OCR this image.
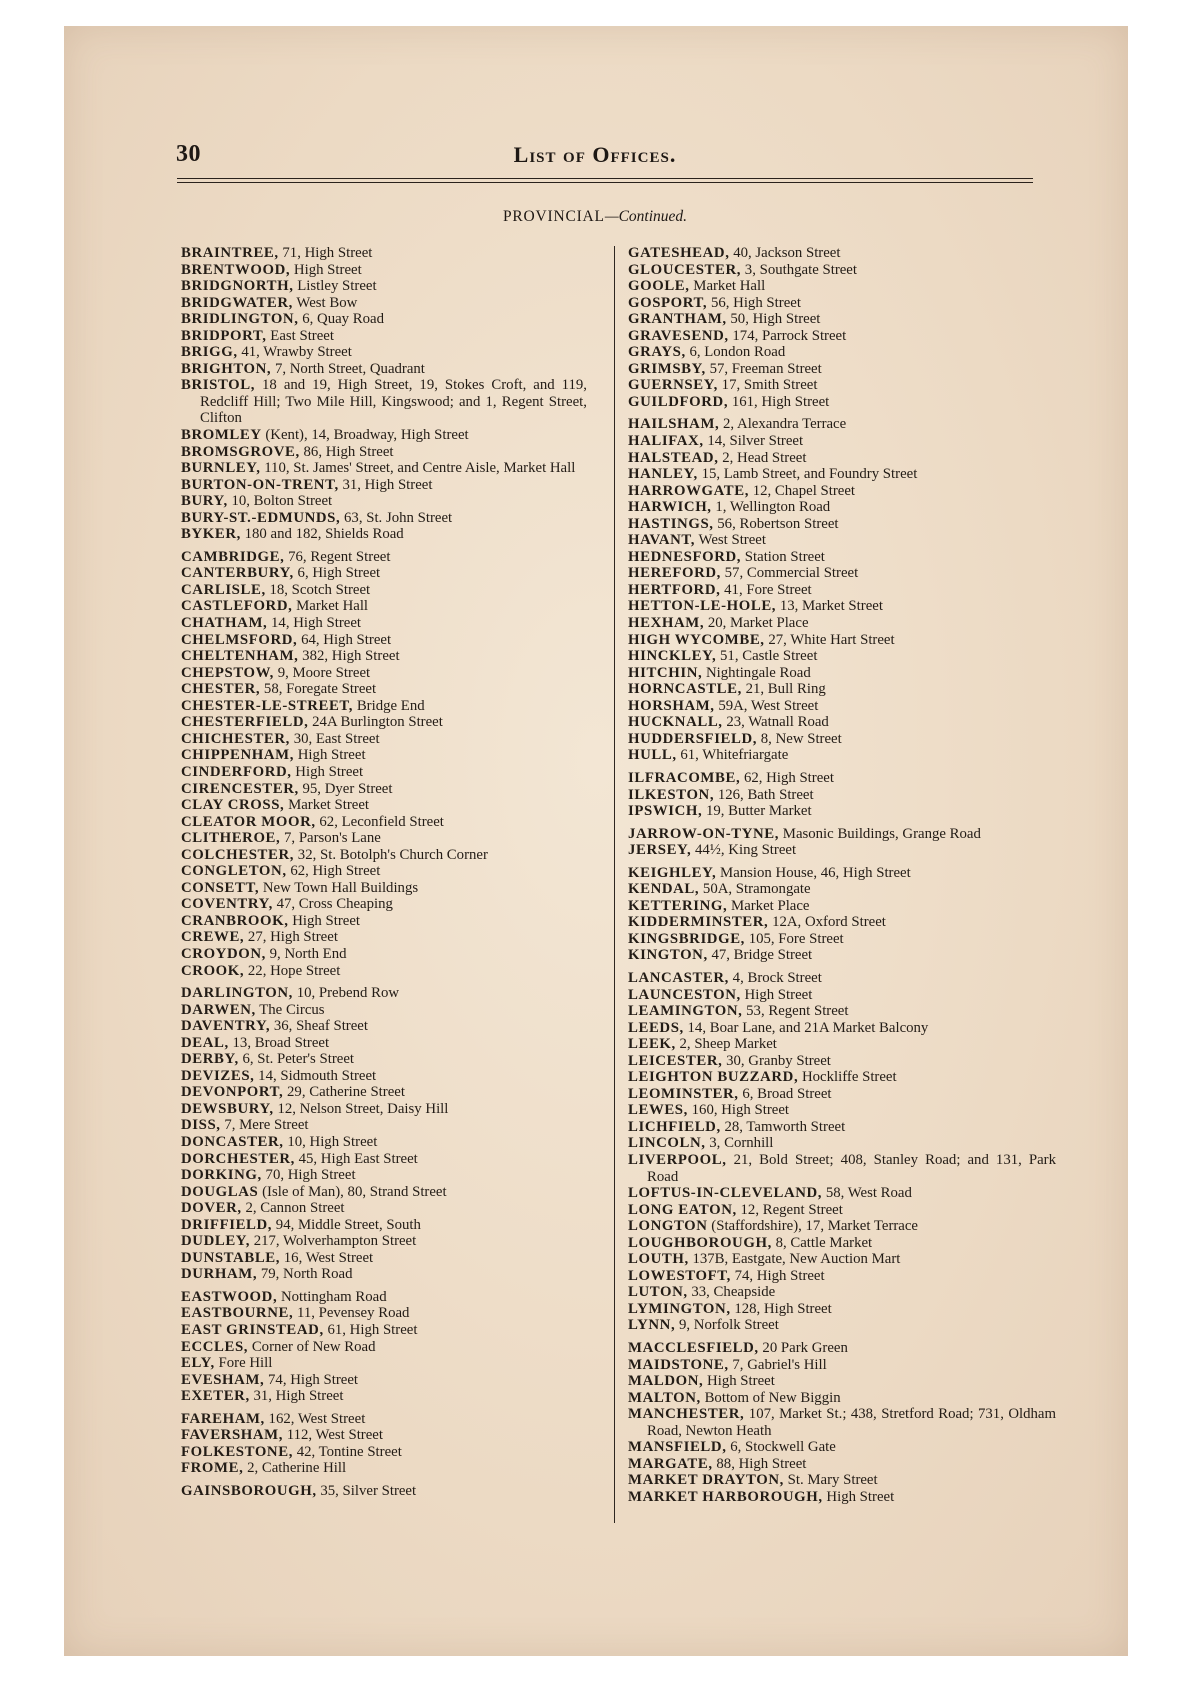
30	List of Offices.
PROVINCIAL—Continued.
BRAINTREE, 71, High Street
BRENTWOOD, High Street
BRIDGNORTH, Listley Street
BRIDGWATER, West Bow
BRIDLINGTON, 6, Quay Road
BRIDPORT, East Street
BRIGG, 41, Wrawby Street
BRIGHTON, 7, North Street, Quadrant
BRISTOL, 18 and 19, High Street, 19, Stokes Croft, and 119, Redcliff Hill; Two Mile Hill, Kingswood; and 1, Regent Street, Clifton
BROMLEY (Kent), 14, Broadway, High Street
BROMSGROVE, 86, High Street
BURNLEY, 110, St. James' Street, and Centre Aisle, Market Hall
BURTON-ON-TRENT, 31, High Street
BURY, 10, Bolton Street
BURY-ST.-EDMUNDS, 63, St. John Street
BYKER, 180 and 182, Shields Road
CAMBRIDGE, 76, Regent Street
CANTERBURY, 6, High Street
CARLISLE, 18, Scotch Street
CASTLEFORD, Market Hall
CHATHAM, 14, High Street
CHELMSFORD, 64, High Street
CHELTENHAM, 382, High Street
CHEPSTOW, 9, Moore Street
CHESTER, 58, Foregate Street
CHESTER-LE-STREET, Bridge End
CHESTERFIELD, 24A Burlington Street
CHICHESTER, 30, East Street
CHIPPENHAM, High Street
CINDERFORD, High Street
CIRENCESTER, 95, Dyer Street
CLAY CROSS, Market Street
CLEATOR MOOR, 62, Leconfield Street
CLITHEROE, 7, Parson's Lane
COLCHESTER, 32, St. Botolph's Church Corner
CONGLETON, 62, High Street
CONSETT, New Town Hall Buildings
COVENTRY, 47, Cross Cheaping
CRANBROOK, High Street
CREWE, 27, High Street
CROYDON, 9, North End
CROOK, 22, Hope Street
DARLINGTON, 10, Prebend Row
DARWEN, The Circus
DAVENTRY, 36, Sheaf Street
DEAL, 13, Broad Street
DERBY, 6, St. Peter's Street
DEVIZES, 14, Sidmouth Street
DEVONPORT, 29, Catherine Street
DEWSBURY, 12, Nelson Street, Daisy Hill
DISS, 7, Mere Street
DONCASTER, 10, High Street
DORCHESTER, 45, High East Street
DORKING, 70, High Street
DOUGLAS (Isle of Man), 80, Strand Street
DOVER, 2, Cannon Street
DRIFFIELD, 94, Middle Street, South
DUDLEY, 217, Wolverhampton Street
DUNSTABLE, 16, West Street
DURHAM, 79, North Road
EASTWOOD, Nottingham Road
EASTBOURNE, 11, Pevensey Road
EAST GRINSTEAD, 61, High Street
ECCLES, Corner of New Road
ELY, Fore Hill
EVESHAM, 74, High Street
EXETER, 31, High Street
FAREHAM, 162, West Street
FAVERSHAM, 112, West Street
FOLKESTONE, 42, Tontine Street
FROME, 2, Catherine Hill
GAINSBOROUGH, 35, Silver Street
GATESHEAD, 40, Jackson Street
GLOUCESTER, 3, Southgate Street
GOOLE, Market Hall
GOSPORT, 56, High Street
GRANTHAM, 50, High Street
GRAVESEND, 174, Parrock Street
GRAYS, 6, London Road
GRIMSBY, 57, Freeman Street
GUERNSEY, 17, Smith Street
GUILDFORD, 161, High Street
HAILSHAM, 2, Alexandra Terrace
HALIFAX, 14, Silver Street
HALSTEAD, 2, Head Street
HANLEY, 15, Lamb Street, and Foundry Street
HARROWGATE, 12, Chapel Street
HARWICH, 1, Wellington Road
HASTINGS, 56, Robertson Street
HAVANT, West Street
HEDNESFORD, Station Street
HEREFORD, 57, Commercial Street
HERTFORD, 41, Fore Street
HETTON-LE-HOLE, 13, Market Street
HEXHAM, 20, Market Place
HIGH WYCOMBE, 27, White Hart Street
HINCKLEY, 51, Castle Street
HITCHIN, Nightingale Road
HORNCASTLE, 21, Bull Ring
HORSHAM, 59A, West Street
HUCKNALL, 23, Watnall Road
HUDDERSFIELD, 8, New Street
HULL, 61, Whitefriargate
ILFRACOMBE, 62, High Street
ILKESTON, 126, Bath Street
IPSWICH, 19, Butter Market
JARROW-ON-TYNE, Masonic Buildings, Grange Road
JERSEY, 44½, King Street
KEIGHLEY, Mansion House, 46, High Street
KENDAL, 50A, Stramongate
KETTERING, Market Place
KIDDERMINSTER, 12A, Oxford Street
KINGSBRIDGE, 105, Fore Street
KINGTON, 47, Bridge Street
LANCASTER, 4, Brock Street
LAUNCESTON, High Street
LEAMINGTON, 53, Regent Street
LEEDS, 14, Boar Lane, and 21A Market Balcony
LEEK, 2, Sheep Market
LEICESTER, 30, Granby Street
LEIGHTON BUZZARD, Hockliffe Street
LEOMINSTER, 6, Broad Street
LEWES, 160, High Street
LICHFIELD, 28, Tamworth Street
LINCOLN, 3, Cornhill
LIVERPOOL, 21, Bold Street; 408, Stanley Road; and 131, Park Road
LOFTUS-IN-CLEVELAND, 58, West Road
LONG EATON, 12, Regent Street
LONGTON (Staffordshire), 17, Market Terrace
LOUGHBOROUGH, 8, Cattle Market
LOUTH, 137B, Eastgate, New Auction Mart
LOWESTOFT, 74, High Street
LUTON, 33, Cheapside
LYMINGTON, 128, High Street
LYNN, 9, Norfolk Street
MACCLESFIELD, 20 Park Green
MAIDSTONE, 7, Gabriel's Hill
MALDON, High Street
MALTON, Bottom of New Biggin
MANCHESTER, 107, Market St.; 438, Stretford Road; 731, Oldham Road, Newton Heath
MANSFIELD, 6, Stockwell Gate
MARGATE, 88, High Street
MARKET DRAYTON, St. Mary Street
MARKET HARBOROUGH, High Street
